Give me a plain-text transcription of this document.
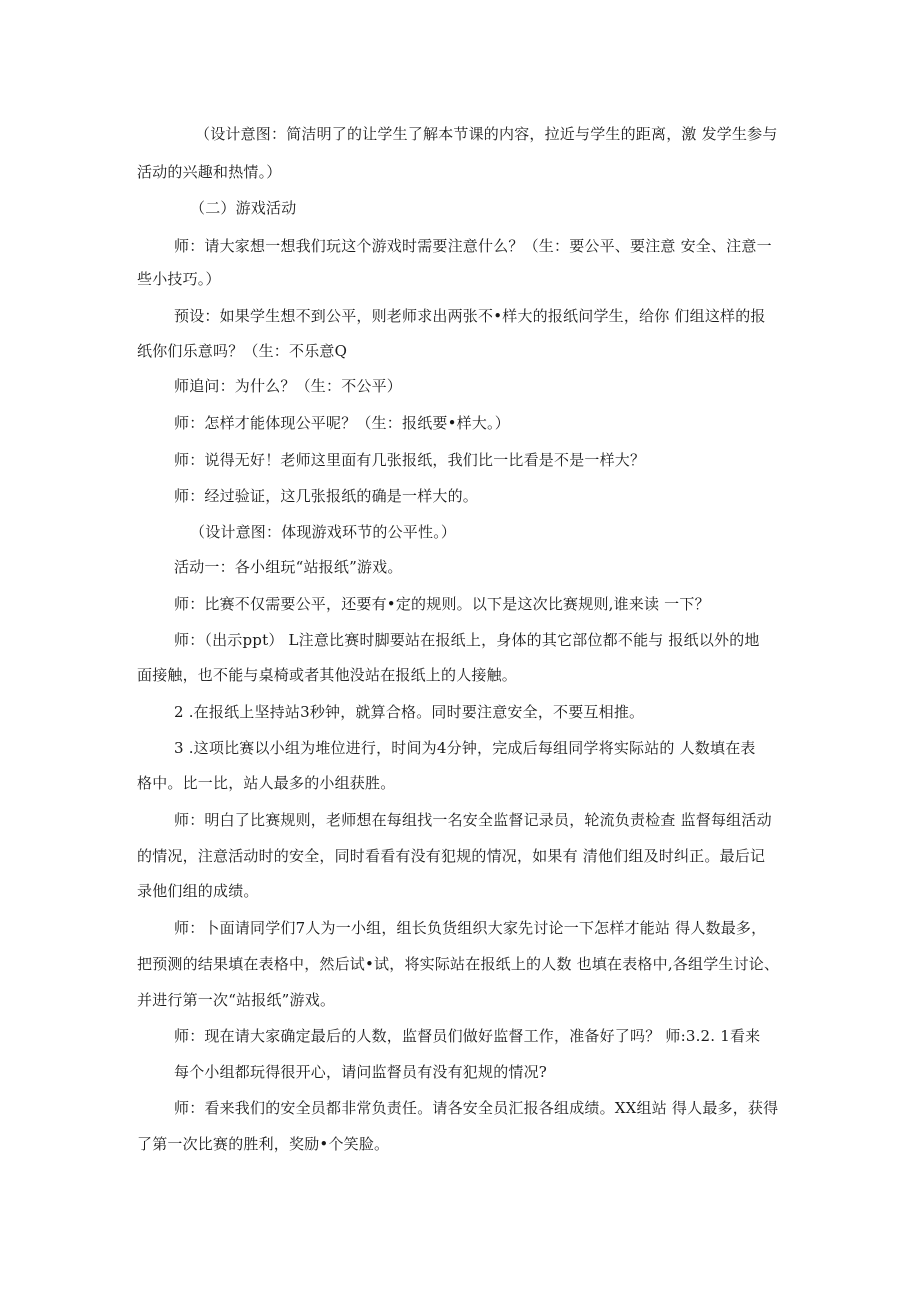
（设计意图：简洁明了的让学生了解本节课的内容，拉近与学生的距离，激 发学生参与
活动的兴趣和热情。）
（二）游戏活动
师：请大家想一想我们玩这个游戏时需要注意什么？（生：要公平、要注意 安全、注意一
些小技巧。）
预设：如果学生想不到公平，则老师求出两张不•样大的报纸问学生，给你 们组这样的报
纸你们乐意吗？（生：不乐意Q
师追问：为什么？（生：不公平）
师：怎样才能体现公平呢？（生：报纸要•样大。）
师：说得无好！老师这里面有几张报纸，我们比一比看是不是一样大？
师：经过验证，这几张报纸的确是一样大的。
（设计意图：体现游戏环节的公平性。）
活动一：各小组玩“站报纸”游戏。
师：比赛不仅需要公平，还要有•定的规则。以下是这次比赛规则,谁来读 一下？
师：（出示ppt） L注意比赛时脚要站在报纸上，身体的其它部位都不能与 报纸以外的地
面接触，也不能与桌椅或者其他没站在报纸上的人接触。
2 .在报纸上坚持站3秒钟，就算合格。同时要注意安全，不要互相推。
3 .这项比赛以小组为堆位进行，时间为4分钟，完成后每组同学将实际站的 人数填在表
格中。比一比，站人最多的小组获胜。
师：明白了比赛规则，老师想在每组找一名安全监督记录员，轮流负责检查 监督每组活动
的情况，注意活动时的安全，同时看看有没有犯规的情况，如果有 清他们组及时纠正。最后记
录他们组的成绩。
师：卜面请同学们7人为一小组，组长负货组织大家先讨论一下怎样才能站 得人数最多，
把预测的结果填在表格中，然后试•试，将实际站在报纸上的人数 也填在表格中,各组学生讨论、
并进行第一次“站报纸”游戏。
师：现在请大家确定最后的人数，监督员们做好监督工作，准备好了吗？ 师:3.2. 1看来
每个小组都玩得很开心，请问监督员有没有犯规的情况?
师：看来我们的安全员都非常负责任。请各安全员汇报各组成绩。XX组站 得人最多，获得
了第一次比赛的胜利，奖励•个笑脸。
